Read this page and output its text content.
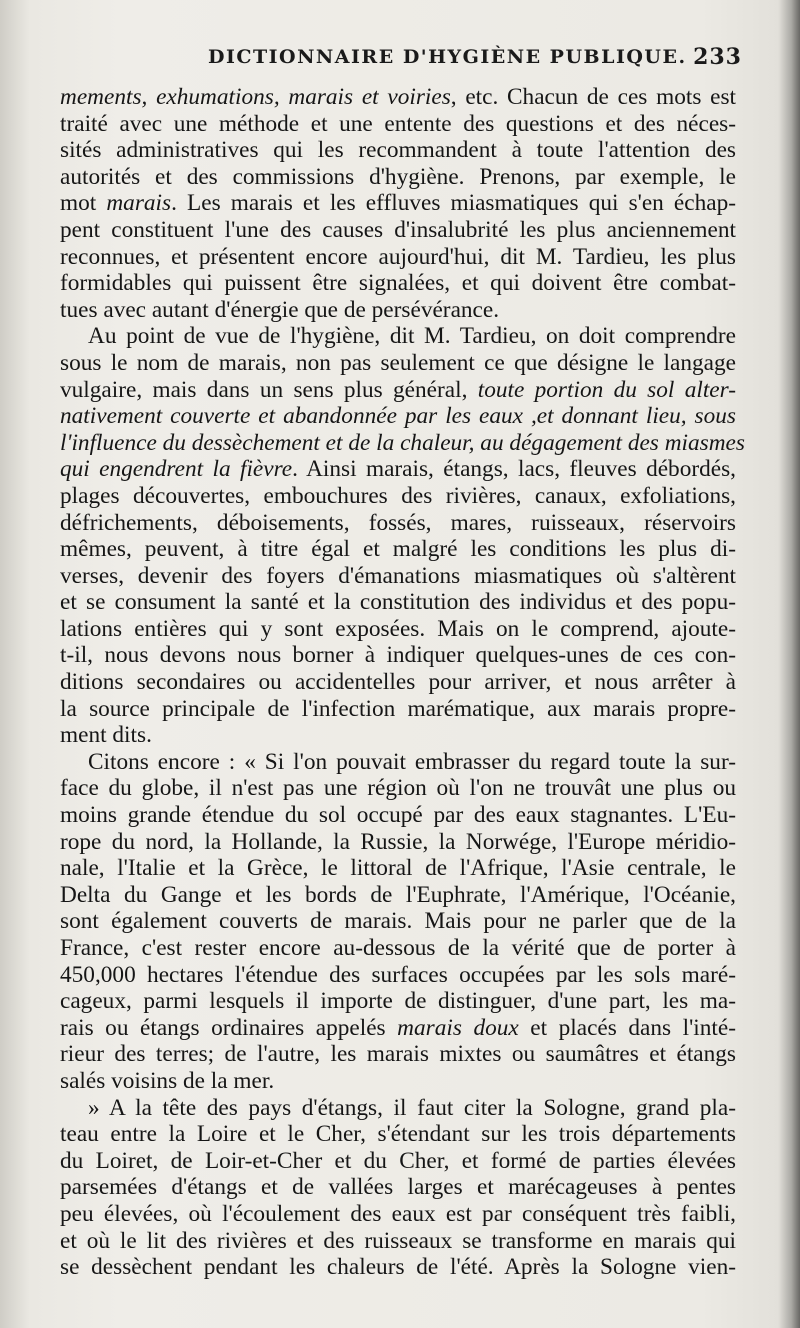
DICTIONNAIRE D'HYGIÈNE PUBLIQUE. 233
mements, exhumations, marais et voiries, etc. Chacun de ces mots est
traité avec une méthode et une entente des questions et des néces-
sités administratives qui les recommandent à toute l'attention des
autorités et des commissions d'hygiène. Prenons, par exemple, le
mot marais. Les marais et les effluves miasmatiques qui s'en échap-
pent constituent l'une des causes d'insalubrité les plus anciennement
reconnues, et présentent encore aujourd'hui, dit M. Tardieu, les plus
formidables qui puissent être signalées, et qui doivent être combat-
tues avec autant d'énergie que de persévérance.
Au point de vue de l'hygiène, dit M. Tardieu, on doit comprendre
sous le nom de marais, non pas seulement ce que désigne le langage
vulgaire, mais dans un sens plus général, toute portion du sol alter-
nativement couverte et abandonnée par les eaux ,et donnant lieu, sous
l'influence du dessèchement et de la chaleur, au dégagement des miasmes
qui engendrent la fièvre. Ainsi marais, étangs, lacs, fleuves débordés,
plages découvertes, embouchures des rivières, canaux, exfoliations,
défrichements, déboisements, fossés, mares, ruisseaux, réservoirs
mêmes, peuvent, à titre égal et malgré les conditions les plus di-
verses, devenir des foyers d'émanations miasmatiques où s'altèrent
et se consument la santé et la constitution des individus et des popu-
lations entières qui y sont exposées. Mais on le comprend, ajoute-
t-il, nous devons nous borner à indiquer quelques-unes de ces con-
ditions secondaires ou accidentelles pour arriver, et nous arrêter à
la source principale de l'infection marématique, aux marais propre-
ment dits.
Citons encore : « Si l'on pouvait embrasser du regard toute la sur-
face du globe, il n'est pas une région où l'on ne trouvât une plus ou
moins grande étendue du sol occupé par des eaux stagnantes. L'Eu-
rope du nord, la Hollande, la Russie, la Norwége, l'Europe méridio-
nale, l'Italie et la Grèce, le littoral de l'Afrique, l'Asie centrale, le
Delta du Gange et les bords de l'Euphrate, l'Amérique, l'Océanie,
sont également couverts de marais. Mais pour ne parler que de la
France, c'est rester encore au-dessous de la vérité que de porter à
450,000 hectares l'étendue des surfaces occupées par les sols maré-
cageux, parmi lesquels il importe de distinguer, d'une part, les ma-
rais ou étangs ordinaires appelés marais doux et placés dans l'inté-
rieur des terres; de l'autre, les marais mixtes ou saumâtres et étangs
salés voisins de la mer.
» A la tête des pays d'étangs, il faut citer la Sologne, grand pla-
teau entre la Loire et le Cher, s'étendant sur les trois départements
du Loiret, de Loir-et-Cher et du Cher, et formé de parties élevées
parsemées d'étangs et de vallées larges et marécageuses à pentes
peu élevées, où l'écoulement des eaux est par conséquent très faibli,
et où le lit des rivières et des ruisseaux se transforme en marais qui
se dessèchent pendant les chaleurs de l'été. Après la Sologne vien-
